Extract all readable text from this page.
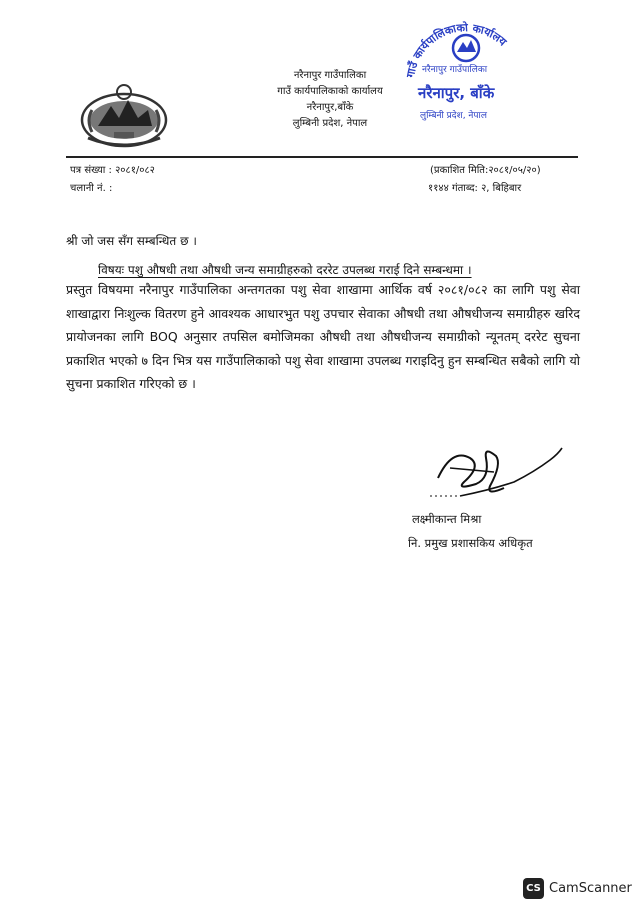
नरैनापुर गाउँपालिका
गाउँ कार्यपालिकाको कार्यालय
नरैनापुर,बाँके
लुम्बिनी प्रदेश, नेपाल
गाउँ कार्यपालिकाको कार्यालय
नरैनापुर गाउँपालिका
नरैनापुर, बाँके
लुम्बिनी प्रदेश, नेपाल
पत्र संख्या : २०८१/०८२
चलानी नं. :
(प्रकाशित मिति:२०८१/०५/२०)
११४४ गंताब्द: २, बिहिबार
श्री जो जस सँग सम्बन्धित छ ।
विषयः पशु औषधी तथा औषधी जन्य समाग्रीहरुको दररेट उपलब्ध गराई दिने सम्बन्धमा ।
प्रस्तुत विषयमा नरैनापुर गाउँपालिका अन्तगतका पशु सेवा शाखामा आर्थिक वर्ष २०८१/०८२ का लागि पशु सेवा शाखाद्वारा निःशुल्क वितरण हुने आवश्यक आधारभुत पशु उपचार सेवाका औषधी तथा औषधीजन्य समाग्रीहरु खरिद प्रायोजनका लागि BOQ अनुसार तपसिल बमोजिमका औषधी तथा औषधीजन्य समाग्रीको न्यूनतम् दररेट सुचना प्रकाशित भएको ७ दिन भित्र यस गाउँपालिकाको पशु सेवा शाखामा उपलब्ध गराइदिनु हुन सम्बन्धित सबैको लागि यो सुचना प्रकाशित गरिएको छ ।
लक्ष्मीकान्त मिश्रा
नि. प्रमुख प्रशासकिय अधिकृत
CS CamScanner
